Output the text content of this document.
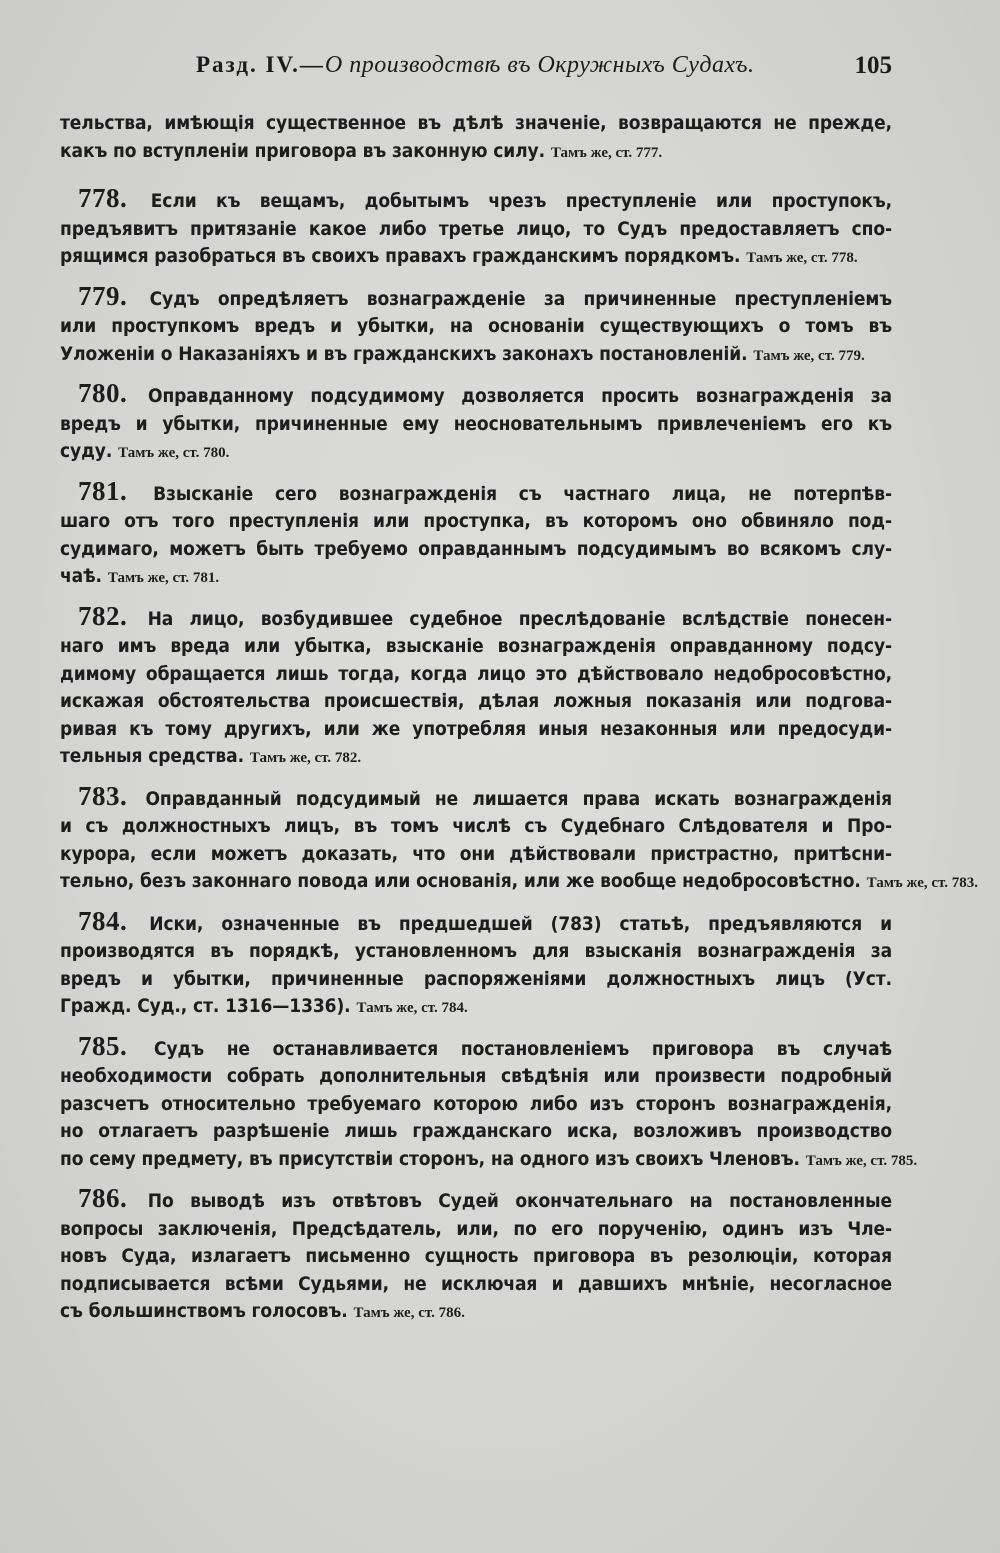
Разд. IV.—О производствѣ въ Окружныхъ Судахъ.	105
тельства, имѣющія существенное въ дѣлѣ значеніе, возвращаются не прежде,
какъ по вступленіи приговора въ законную силу. Тамъ же, ст. 777.
778. Если къ вещамъ, добытымъ чрезъ преступленіе или проступокъ,
предъявитъ притязаніе какое либо третье лицо, то Судъ предоставляетъ спо-
рящимся разобраться въ своихъ правахъ гражданскимъ порядкомъ. Тамъ же, ст. 778.
779. Судъ опредѣляетъ вознагражденіе за причиненные преступленіемъ
или проступкомъ вредъ и убытки, на основаніи существующихъ о томъ въ
Уложеніи о Наказаніяхъ и въ гражданскихъ законахъ постановленій. Тамъ же, ст. 779.
780. Оправданному подсудимому дозволяется просить вознагражденія за
вредъ и убытки, причиненные ему неосновательнымъ привлеченіемъ его къ
суду. Тамъ же, ст. 780.
781. Взысканіе сего вознагражденія съ частнаго лица, не потерпѣв-
шаго отъ того преступленія или проступка, въ которомъ оно обвиняло под-
судимаго, можетъ быть требуемо оправданнымъ подсудимымъ во всякомъ слу-
чаѣ. Тамъ же, ст. 781.
782. На лицо, возбудившее судебное преслѣдованіе вслѣдствіе понесен-
наго имъ вреда или убытка, взысканіе вознагражденія оправданному подсу-
димому обращается лишь тогда, когда лицо это дѣйствовало недобросовѣстно,
искажая обстоятельства происшествія, дѣлая ложныя показанія или подгова-
ривая къ тому другихъ, или же употребляя иныя незаконныя или предосуди-
тельныя средства. Тамъ же, ст. 782.
783. Оправданный подсудимый не лишается права искать вознагражденія
и съ должностныхъ лицъ, въ томъ числѣ съ Судебнаго Слѣдователя и Про-
курора, если можетъ доказать, что они дѣйствовали пристрастно, притѣсни-
тельно, безъ законнаго повода или основанія, или же вообще недобросовѣстно. Тамъ же, ст. 783.
784. Иски, означенные въ предшедшей (783) статьѣ, предъявляются и
производятся въ порядкѣ, установленномъ для взысканія вознагражденія за
вредъ и убытки, причиненные распоряженіями должностныхъ лицъ (Уст.
Гражд. Суд., ст. 1316—1336). Тамъ же, ст. 784.
785. Судъ не останавливается постановленіемъ приговора въ случаѣ
необходимости собрать дополнительныя свѣдѣнія или произвести подробный
разсчетъ относительно требуемаго которою либо изъ сторонъ вознагражденія,
но отлагаетъ разрѣшеніе лишь гражданскаго иска, возложивъ производство
по сему предмету, въ присутствіи сторонъ, на одного изъ своихъ Членовъ. Тамъ же, ст. 785.
786. По выводѣ изъ отвѣтовъ Судей окончательнаго на постановленные
вопросы заключенія, Предсѣдатель, или, по его порученію, одинъ изъ Чле-
новъ Суда, излагаетъ письменно сущность приговора въ резолюціи, которая
подписывается всѣми Судьями, не исключая и давшихъ мнѣніе, несогласное
съ большинствомъ голосовъ. Тамъ же, ст. 786.
